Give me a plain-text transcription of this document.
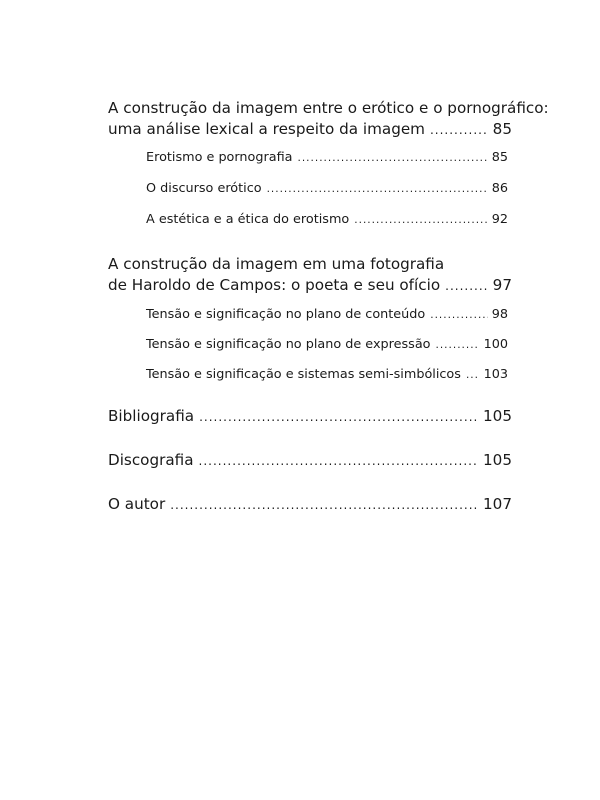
A construção da imagem entre o erótico e o pornográfico:
uma análise lexical a respeito da imagem .....	85
Erotismo e pornografia .....	85
O discurso erótico .....	86
A estética e a ética do erotismo .....	92
A construção da imagem em uma fotografia
de Haroldo de Campos: o poeta e seu ofício .....	97
Tensão e significação no plano de conteúdo .....	98
Tensão e significação no plano de expressão .....	100
Tensão e significação e sistemas semi-simbólicos ..... 103
Bibliografia .....	105
Discografia .....	105
O autor .....	107
